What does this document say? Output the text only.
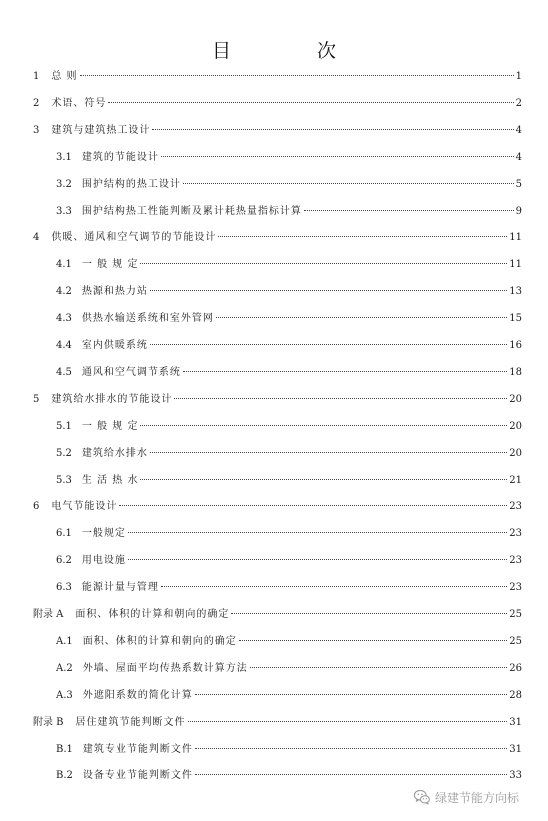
目 次
1 总 则	1
2 术语、符号	2
3 建筑与建筑热工设计	4
3.1 建筑的节能设计	4
3.2 围护结构的热工设计	5
3.3 围护结构热工性能判断及累计耗热量指标计算	9
4 供暖、通风和空气调节的节能设计	11
4.1 一 般 规 定	11
4.2 热源和热力站	13
4.3 供热水输送系统和室外管网	15
4.4 室内供暖系统	16
4.5 通风和空气调节系统	18
5 建筑给水排水的节能设计	20
5.1 一 般 规 定	20
5.2 建筑给水排水	20
5.3 生 活 热 水	21
6 电气节能设计	23
6.1 一般规定	23
6.2 用电设施	23
6.3 能源计量与管理	23
附录 A 面积、体积的计算和朝向的确定	25
A.1 面积、体积的计算和朝向的确定	25
A.2 外墙、屋面平均传热系数计算方法	26
A.3 外遮阳系数的简化计算	28
附录 B 居住建筑节能判断文件	31
B.1 建筑专业节能判断文件	31
B.2 设备专业节能判断文件	33
绿建节能方向标
